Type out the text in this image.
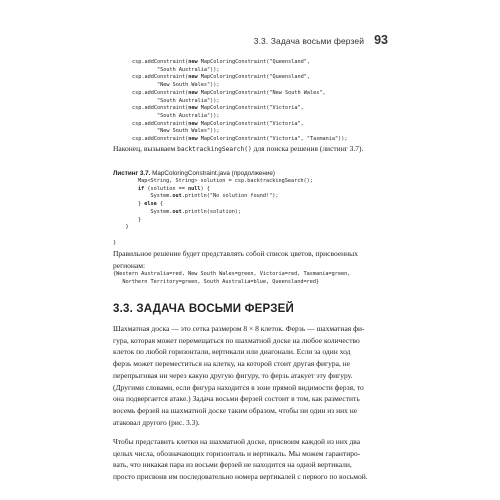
3.3. Задача восьми ферзей 93
csp.addConstraint(new MapColoringConstraint("Queensland",
"South Australia"));
csp.addConstraint(new MapColoringConstraint("Queensland",
"New South Wales"));
csp.addConstraint(new MapColoringConstraint("New South Wales",
"South Australia"));
csp.addConstraint(new MapColoringConstraint("Victoria",
"South Australia"));
csp.addConstraint(new MapColoringConstraint("Victoria",
"New South Wales"));
csp.addConstraint(new MapColoringConstraint("Victoria", "Tasmania"));

Наконец, вызываем backtrackingSearch() для поиска решения (листинг 3.7).

Листинг 3.7. MapColoringConstraint.java (продолжение)
Map<String, String> solution = csp.backtrackingSearch();
if (solution == null) {
System.out.println("No solution found!");
} else {
System.out.println(solution);
}
}

}

Правильное решение будет представлять собой список цветов, присвоенных регионам:

{Western Australia=red, New South Wales=green, Victoria=red, Tasmania=green,
Northern Territory=green, South Australia=blue, Queensland=red}
3.3. ЗАДАЧА ВОСЬМИ ФЕРЗЕЙ
Шахматная доска — это сетка размером 8 × 8 клеток. Ферзь — шахматная фи-
гура, которая может перемещаться по шахматной доске на любое количество
клеток по любой горизонтали, вертикали или диагонали. Если за один ход
ферзь может переместиться на клетку, на которой стоит другая фигура, не
перепрыгивая ни через какую другую фигуру, то ферзь атакует эту фигуру.
(Другими словами, если фигура находится в зоне прямой видимости ферзя, то
она подвергается атаке.) Задача восьми ферзей состоит в том, как разместить
восемь ферзей на шахматной доске таким образом, чтобы ни один из них не
атаковал другого (рис. 3.3).
Чтобы представить клетки на шахматной доске, присвоим каждой из них два
целых числа, обозначающих горизонталь и вертикаль. Мы можем гарантиро-
вать, что никакая пара из восьми ферзей не находится на одной вертикали,
просто присвоив им последовательно номера вертикалей с первого по восьмой.
